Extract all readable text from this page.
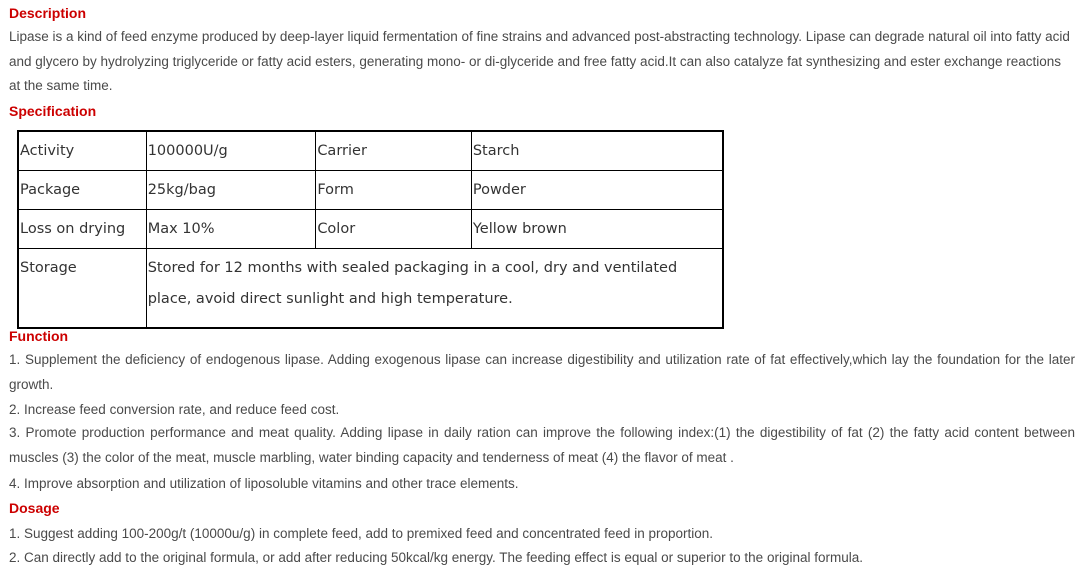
Description
Lipase is a kind of feed enzyme produced by deep-layer liquid fermentation of fine strains and advanced post-abstracting technology. Lipase can degrade natural oil into fatty acid and glycero by hydrolyzing triglyceride or fatty acid esters, generating mono- or di-glyceride and free fatty acid.It can also catalyze fat synthesizing and ester exchange reactions at the same time.
Specification
Activity	100000U/g	Carrier	Starch
Package	25kg/bag	Form	Powder
Loss on drying	Max 10%	Color	Yellow brown
Storage	Stored for 12 months with sealed packaging in a cool, dry and ventilated place, avoid direct sunlight and high temperature.		
Function
1. Supplement the deficiency of endogenous lipase. Adding exogenous lipase can increase digestibility and utilization rate of fat effectively,which lay the foundation for the later growth.
2. Increase feed conversion rate, and reduce feed cost.
3. Promote production performance and meat quality. Adding lipase in daily ration can improve the following index:(1) the digestibility of fat (2) the fatty acid content between muscles (3) the color of the meat, muscle marbling, water binding capacity and tenderness of meat (4) the flavor of meat .
4. Improve absorption and utilization of liposoluble vitamins and other trace elements.
Dosage
1. Suggest adding 100-200g/t (10000u/g) in complete feed, add to premixed feed and concentrated feed in proportion.
2. Can directly add to the original formula, or add after reducing 50kcal/kg energy. The feeding effect is equal or superior to the original formula.
